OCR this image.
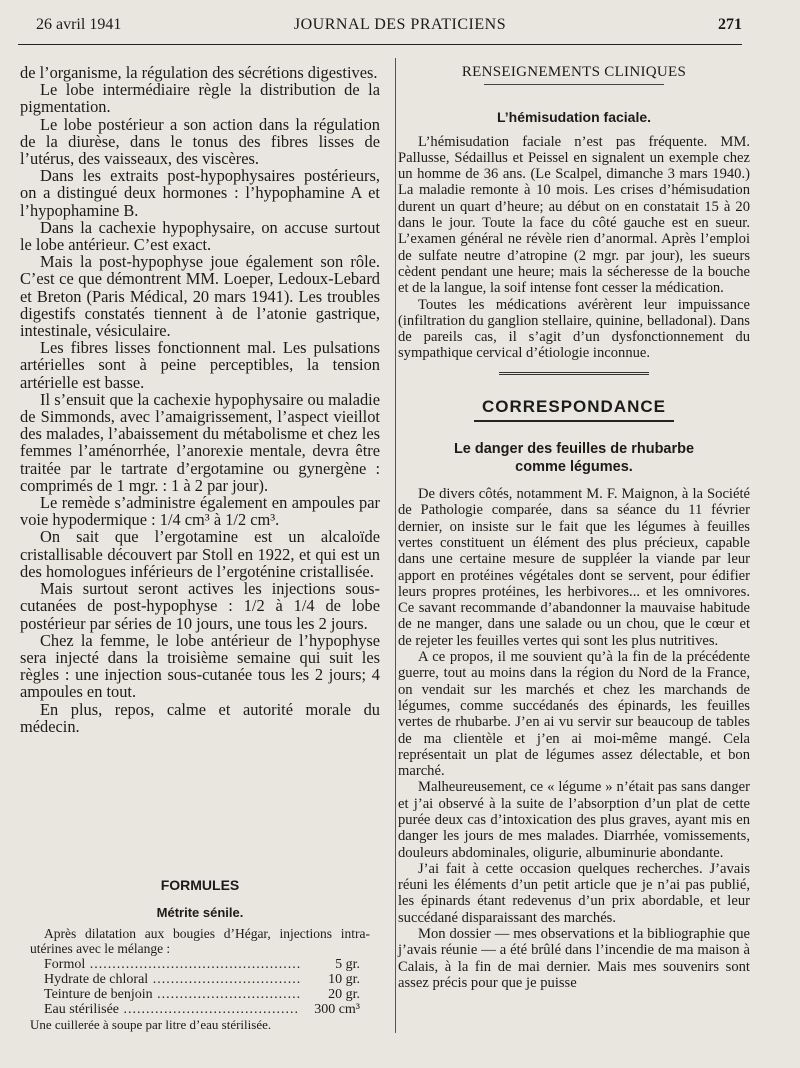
26 avril 1941	JOURNAL DES PRATICIENS	271

de l’organisme, la régulation des sécrétions digestives.

Le lobe intermédiaire règle la distribution de la pigmentation.

Le lobe postérieur a son action dans la régulation de la diurèse, dans le tonus des fibres lisses de l’utérus, des vaisseaux, des viscères.

Dans les extraits post-hypophysaires postérieurs, on a distingué deux hormones : l’hypophamine A et l’hypophamine B.

Dans la cachexie hypophysaire, on accuse surtout le lobe antérieur. C’est exact.

Mais la post-hypophyse joue également son rôle. C’est ce que démontrent MM. Loeper, Ledoux-Lebard et Breton (Paris Médical, 20 mars 1941). Les troubles digestifs constatés tiennent à de l’atonie gastrique, intestinale, vésiculaire.

Les fibres lisses fonctionnent mal. Les pulsations artérielles sont à peine perceptibles, la tension artérielle est basse.

Il s’ensuit que la cachexie hypophysaire ou maladie de Simmonds, avec l’amaigrissement, l’aspect vieillot des malades, l’abaissement du métabolisme et chez les femmes l’aménorrhée, l’anorexie mentale, devra être traitée par le tartrate d’ergotamine ou gynergène : comprimés de 1 mgr. : 1 à 2 par jour).

Le remède s’administre également en ampoules par voie hypodermique : 1/4 cm³ à 1/2 cm³.

On sait que l’ergotamine est un alcaloïde cristallisable découvert par Stoll en 1922, et qui est un des homologues inférieurs de l’ergoténine cristallisée.

Mais surtout seront actives les injections sous-cutanées de post-hypophyse : 1/2 à 1/4 de lobe postérieur par séries de 10 jours, une tous les 2 jours.

Chez la femme, le lobe antérieur de l’hypophyse sera injecté dans la troisième semaine qui suit les règles : une injection sous-cutanée tous les 2 jours; 4 ampoules en tout.

En plus, repos, calme et autorité morale du médecin.

FORMULES
Métrite sénile.
Après dilatation aux bougies d’Hégar, injections intra-utérines avec le mélange :
Formol .....	5 gr.
Hydrate de chloral .....	10 gr.
Teinture de benjoin .....	20 gr.
Eau stérilisée .....	300 cm³
Une cuillerée à soupe par litre d’eau stérilisée.
RENSEIGNEMENTS CLINIQUES
L’hémisudation faciale.

L’hémisudation faciale n’est pas fréquente. MM. Pallusse, Sédaillus et Peissel en signalent un exemple chez un homme de 36 ans. (Le Scalpel, dimanche 3 mars 1940.) La maladie remonte à 10 mois. Les crises d’hémisudation durent un quart d’heure; au début on en constatait 15 à 20 dans le jour. Toute la face du côté gauche est en sueur. L’examen général ne révèle rien d’anormal. Après l’emploi de sulfate neutre d’atropine (2 mgr. par jour), les sueurs cèdent pendant une heure; mais la sécheresse de la bouche et de la langue, la soif intense font cesser la médication.

Toutes les médications avérèrent leur impuissance (infiltration du ganglion stellaire, quinine, belladonal). Dans de pareils cas, il s’agit d’un dysfonctionnement du sympathique cervical d’étiologie inconnue.

CORRESPONDANCE
Le danger des feuilles de rhubarbe
comme légumes.

De divers côtés, notamment M. F. Maignon, à la Société de Pathologie comparée, dans sa séance du 11 février dernier, on insiste sur le fait que les légumes à feuilles vertes constituent un élément des plus précieux, capable dans une certaine mesure de suppléer la viande par leur apport en protéines végétales dont se servent, pour édifier leurs propres protéines, les herbivores... et les omnivores. Ce savant recommande d’abandonner la mauvaise habitude de ne manger, dans une salade ou un chou, que le cœur et de rejeter les feuilles vertes qui sont les plus nutritives.

A ce propos, il me souvient qu’à la fin de la précédente guerre, tout au moins dans la région du Nord de la France, on vendait sur les marchés et chez les marchands de légumes, comme succédanés des épinards, les feuilles vertes de rhubarbe. J’en ai vu servir sur beaucoup de tables de ma clientèle et j’en ai moi-même mangé. Cela représentait un plat de légumes assez délectable, et bon marché.

Malheureusement, ce « légume » n’était pas sans danger et j’ai observé à la suite de l’absorption d’un plat de cette purée deux cas d’intoxication des plus graves, ayant mis en danger les jours de mes malades. Diarrhée, vomissements, douleurs abdominales, oligurie, albuminurie abondante.

J’ai fait à cette occasion quelques recherches. J’avais réuni les éléments d’un petit article que je n’ai pas publié, les épinards étant redevenus d’un prix abordable, et leur succédané disparaissant des marchés.

Mon dossier — mes observations et la bibliographie que j’avais réunie — a été brûlé dans l’incendie de ma maison à Calais, à la fin de mai dernier. Mais mes souvenirs sont assez précis pour que je puisse
